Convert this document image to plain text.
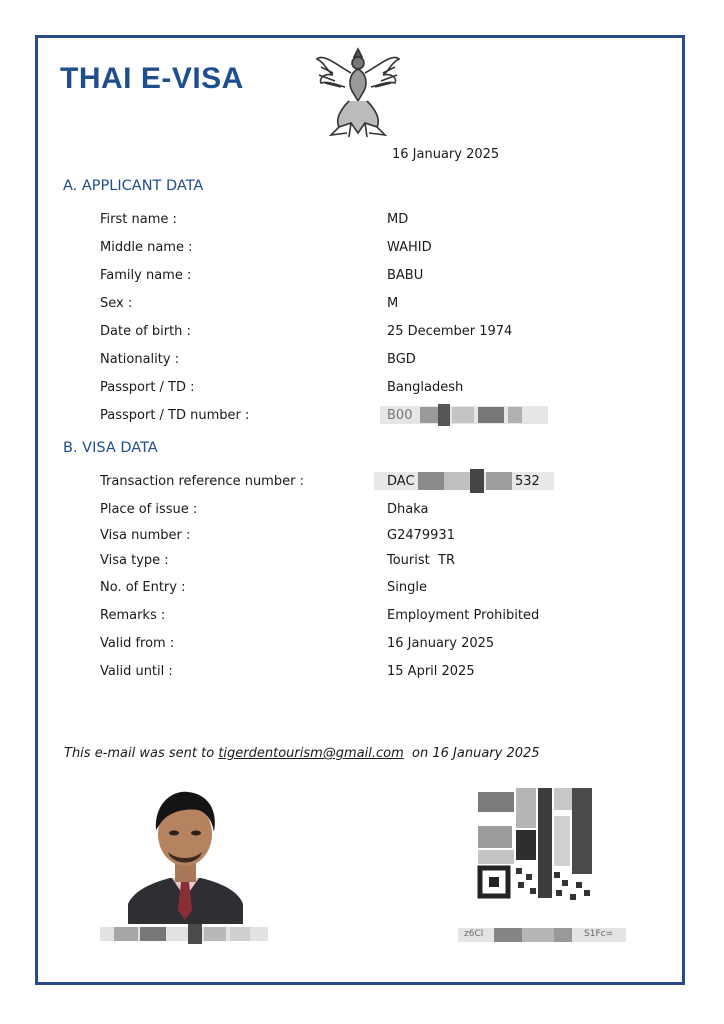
THAI E-VISA
16 January 2025
A. APPLICANT DATA
First name :	MD
Middle name :	WAHID
Family name :	BABU
Sex :	M
Date of birth :	25 December 1974
Nationality :	BGD
Passport / TD :	Bangladesh
Passport / TD number :	B00
B. VISA DATA
Transaction reference number :	DAC	532
Place of issue :	Dhaka
Visa number :	G2479931
Visa type :	Tourist  TR
No. of Entry :	Single
Remarks :	Employment Prohibited
Valid from :	16 January 2025
Valid until :	15 April 2025
This e-mail was sent to tigerdentourism@gmail.com  on 16 January 2025
z6Cl	S1Fc=
